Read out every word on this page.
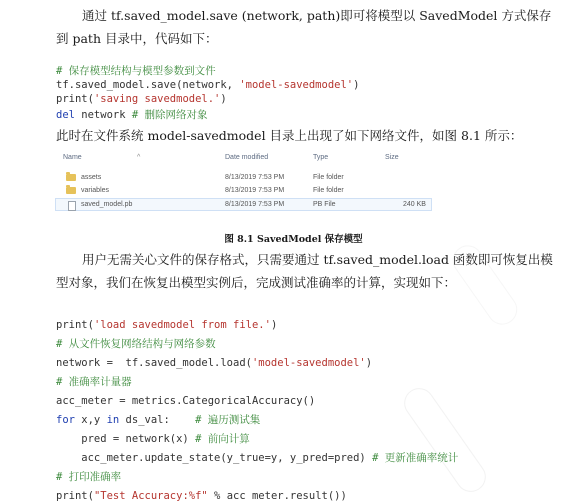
通过 tf.saved_model.save (network, path)即可将模型以 SavedModel 方式保存到 path 目录中，代码如下：

# 保存模型结构与模型参数到文件
tf.saved_model.save(network, 'model-savedmodel')
print('saving savedmodel.')
del network # 删除网络对象

此时在文件系统 model-savedmodel 目录上出现了如下网络文件，如图 8.1 所示：

^
Name	Date modified	Type	Size
assets	8/13/2019 7:53 PM	File folder
variables	8/13/2019 7:53 PM	File folder
saved_model.pb	8/13/2019 7:53 PM	PB File	240 KB
图 8.1 SavedModel 保存模型

用户无需关心文件的保存格式，只需要通过 tf.saved_model.load 函数即可恢复出模型对象，我们在恢复出模型实例后，完成测试准确率的计算，实现如下：

print('load savedmodel from file.')
# 从文件恢复网络结构与网络参数
network =  tf.saved_model.load('model-savedmodel')
# 准确率计量器
acc_meter = metrics.CategoricalAccuracy()
for x,y in ds_val:    # 遍历测试集
pred = network(x) # 前向计算
acc_meter.update_state(y_true=y, y_pred=pred) # 更新准确率统计
# 打印准确率
print("Test Accuracy:%f" % acc_meter.result())
